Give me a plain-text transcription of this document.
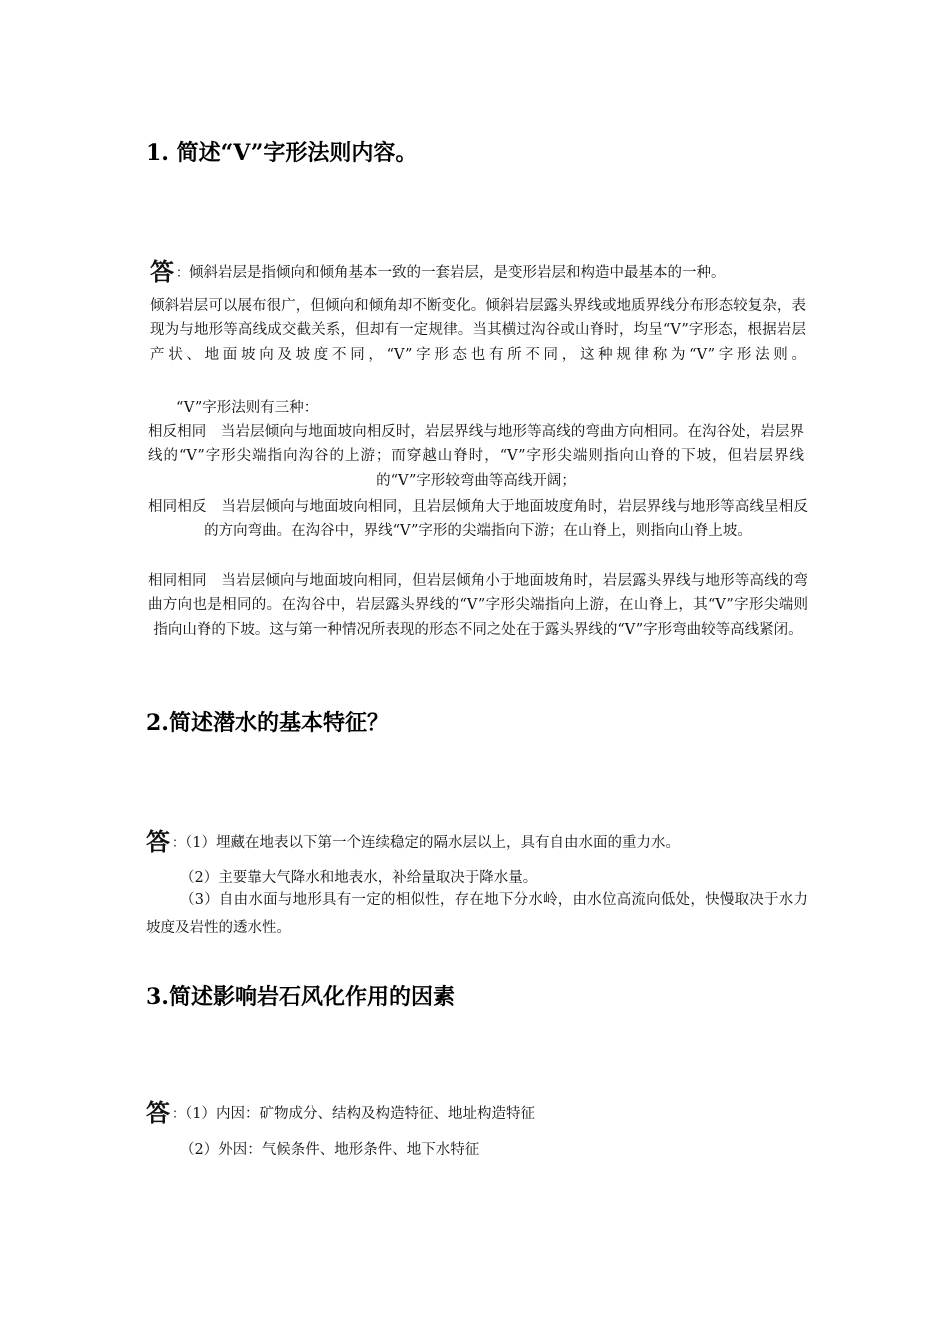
1. 简述“V”字形法则内容。

答 ：倾斜岩层是指倾向和倾角基本一致的一套岩层，是变形岩层和构造中最基本的一种。

倾斜岩层可以展布很广，但倾向和倾角却不断变化。倾斜岩层露头界线或地质界线分布形态较复杂，表现为与地形等高线成交截关系，但却有一定规律。当其横过沟谷或山脊时，均呈“V”字形态，根据岩层产状、地面坡向及坡度不同，“V”字形态也有所不同，这种规律称为“V”字形法则。

“V”字形法则有三种：

相反相同　当岩层倾向与地面坡向相反时，岩层界线与地形等高线的弯曲方向相同。在沟谷处，岩层界线的“V”字形尖端指向沟谷的上游；而穿越山脊时，“V”字形尖端则指向山脊的下坡，但岩层界线的“V”字形较弯曲等高线开阔；

相同相反　当岩层倾向与地面坡向相同，且岩层倾角大于地面坡度角时，岩层界线与地形等高线呈相反的方向弯曲。在沟谷中，界线“V”字形的尖端指向下游；在山脊上，则指向山脊上坡。

相同相同　当岩层倾向与地面坡向相同，但岩层倾角小于地面坡角时，岩层露头界线与地形等高线的弯曲方向也是相同的。在沟谷中，岩层露头界线的“V”字形尖端指向上游，在山脊上，其“V”字形尖端则指向山脊的下坡。这与第一种情况所表现的形态不同之处在于露头界线的“V”字形弯曲较等高线紧闭。

2.简述潜水的基本特征？

答 ：（1）埋藏在地表以下第一个连续稳定的隔水层以上，具有自由水面的重力水。

（2）主要靠大气降水和地表水，补给量取决于降水量。

（3）自由水面与地形具有一定的相似性，存在地下分水岭，由水位高流向低处，快慢取决于水力坡度及岩性的透水性。

3.简述影响岩石风化作用的因素

答 ：（1）内因：矿物成分、结构及构造特征、地址构造特征

（2）外因：气候条件、地形条件、地下水特征
